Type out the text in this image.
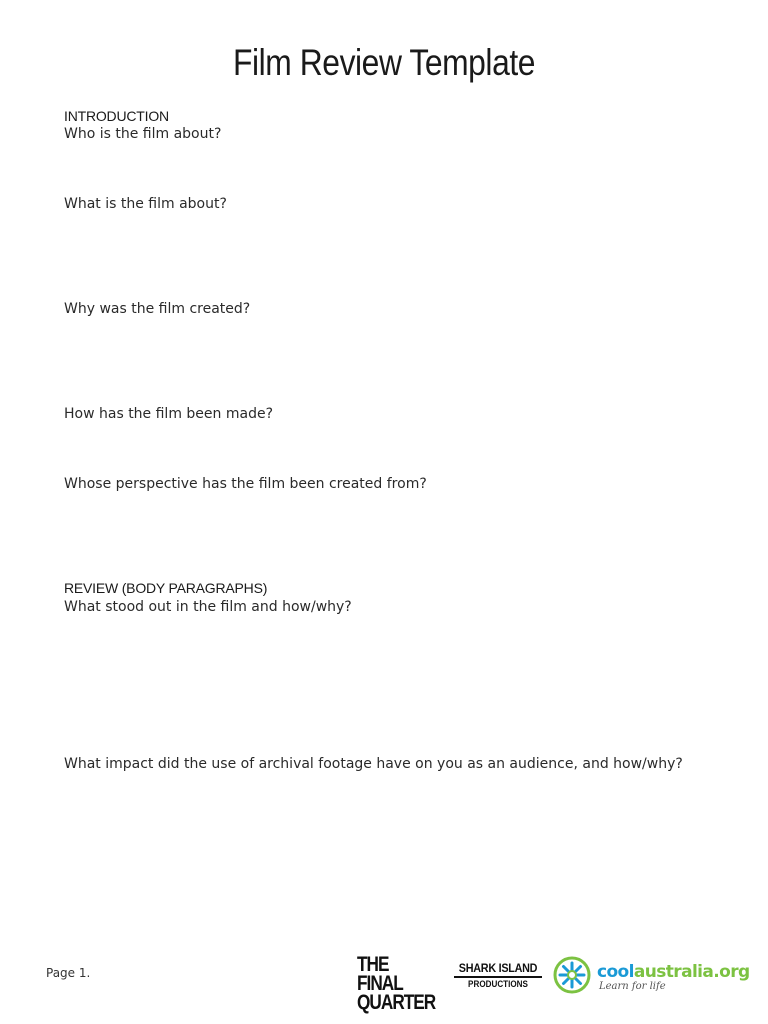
Film Review Template
INTRODUCTION
Who is the film about?
What is the film about?
Why was the film created?
How has the film been made?
Whose perspective has the film been created from?
REVIEW (BODY PARAGRAPHS)
What stood out in the film and how/why?
What impact did the use of archival footage have on you as an audience, and how/why?
Page 1.	THE FINAL
QUARTER
SHARK ISLAND
PRODUCTIONS
coolaustralia.org
Learn for life
